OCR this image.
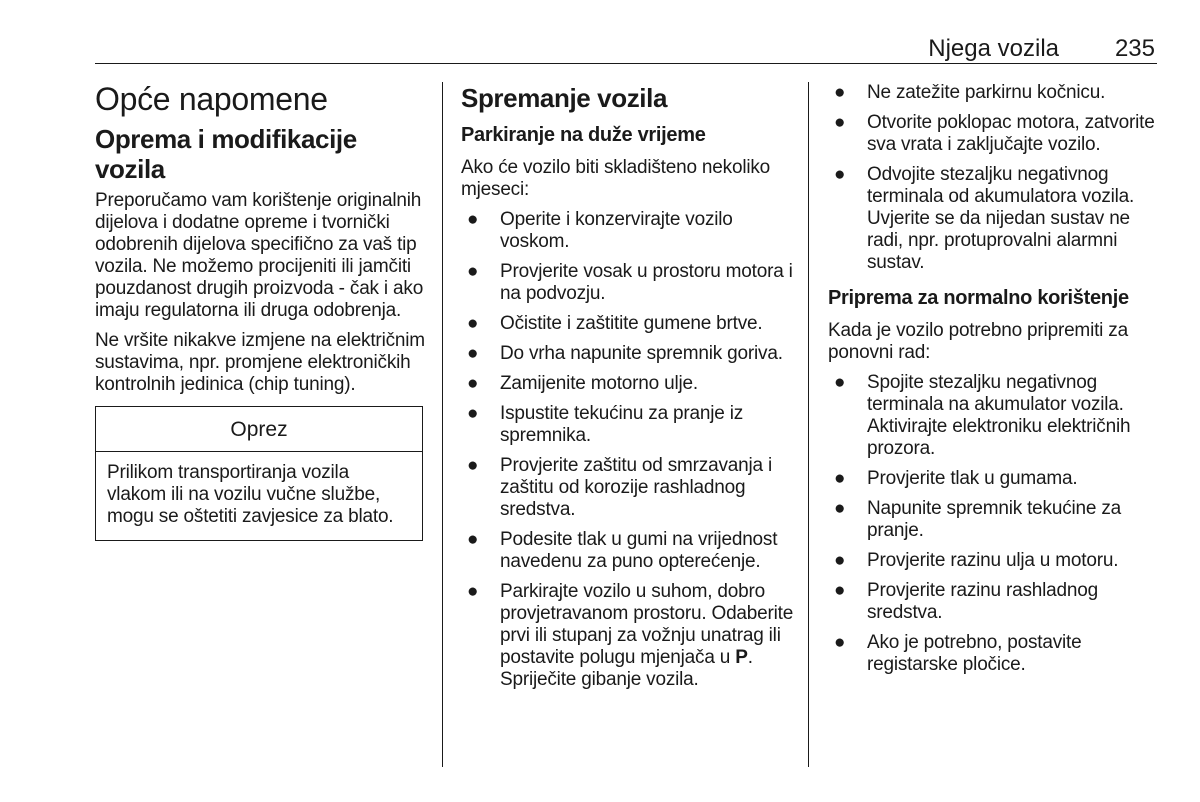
Njega vozila 235
Opće napomene
Oprema i modifikacije vozila

Preporučamo vam korištenje originalnih dijelova i dodatne opreme i tvornički odobrenih dijelova specifično za vaš tip vozila. Ne možemo procijeniti ili jamčiti pouzdanost drugih proizvoda - čak i ako imaju regulatorna ili druga odobrenja.

Ne vršite nikakve izmjene na električnim sustavima, npr. promjene elektroničkih kontrolnih jedinica (chip tuning).

Oprez
Prilikom transportiranja vozila vlakom ili na vozilu vučne službe, mogu se oštetiti zavjesice za blato.
Spremanje vozila
Parkiranje na duže vrijeme

Ako će vozilo biti skladišteno nekoliko mjeseci:

● Operite i konzervirajte vozilo voskom.
● Provjerite vosak u prostoru motora i na podvozju.
● Očistite i zaštitite gumene brtve.
● Do vrha napunite spremnik goriva.
● Zamijenite motorno ulje.
● Ispustite tekućinu za pranje iz spremnika.
● Provjerite zaštitu od smrzavanja i zaštitu od korozije rashladnog sredstva.
● Podesite tlak u gumi na vrijednost navedenu za puno opterećenje.
● Parkirajte vozilo u suhom, dobro provjetravanom prostoru. Odaberite prvi ili stupanj za vožnju unatrag ili postavite polugu mjenjača u P. Spriječite gibanje vozila.
● Ne zatežite parkirnu kočnicu.
● Otvorite poklopac motora, zatvorite sva vrata i zaključajte vozilo.
● Odvojite stezaljku negativnog terminala od akumulatora vozila. Uvjerite se da nijedan sustav ne radi, npr. protuprovalni alarmni sustav.
Priprema za normalno korištenje

Kada je vozilo potrebno pripremiti za ponovni rad:

● Spojite stezaljku negativnog terminala na akumulator vozila. Aktivirajte elektroniku električnih prozora.
● Provjerite tlak u gumama.
● Napunite spremnik tekućine za pranje.
● Provjerite razinu ulja u motoru.
● Provjerite razinu rashladnog sredstva.
● Ako je potrebno, postavite registarske pločice.
